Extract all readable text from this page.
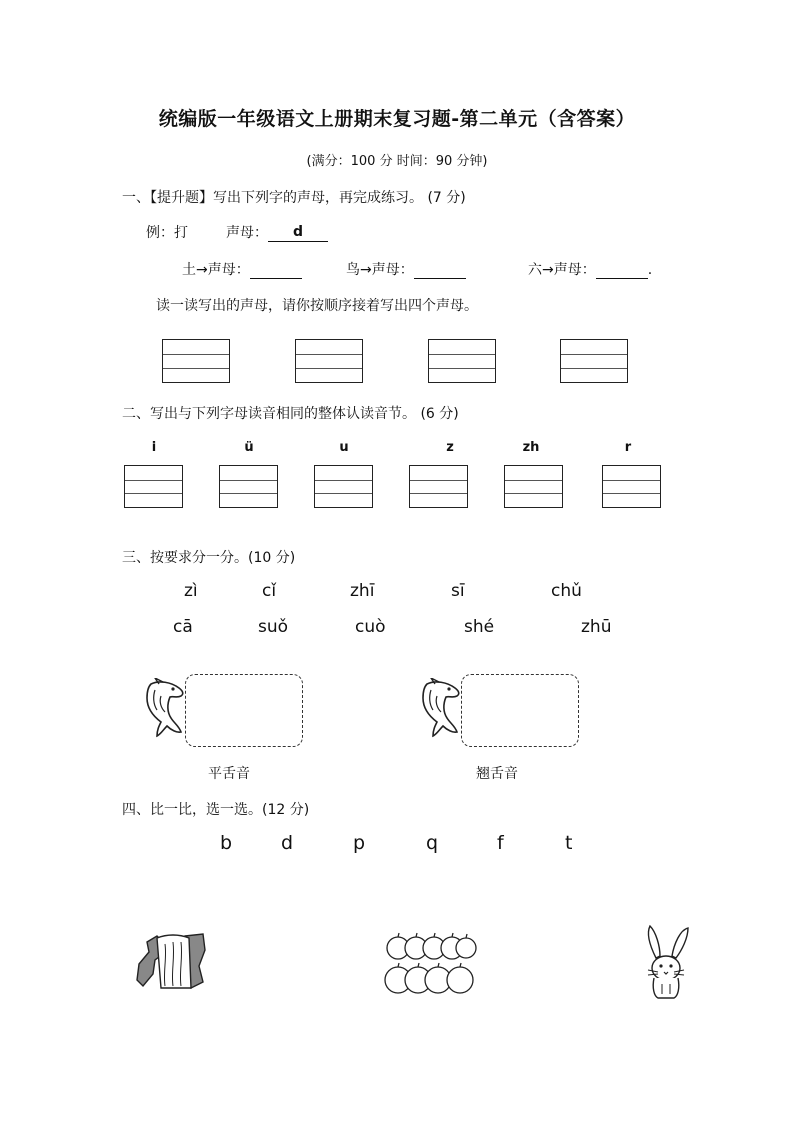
统编版一年级语文上册期末复习题-第二单元（含答案）
(满分：100 分 时间：90 分钟)
一、【提升题】写出下列字的声母，再完成练习。 (7 分)
例：打	声母： d
土→声母：	鸟→声母：	六→声母：	.
读一读写出的声母，请你按顺序接着写出四个声母。
二、写出与下列字母读音相同的整体认读音节。 (6 分)
i	ü	u	z	zh	r
三、按要求分一分。(10 分)
zì	cǐ	zhī	sī	chǔ
cā	suǒ	cuò	shé	zhū
平舌音	翘舌音
四、比一比，选一选。(12 分)
b	d	p	q	f	t
